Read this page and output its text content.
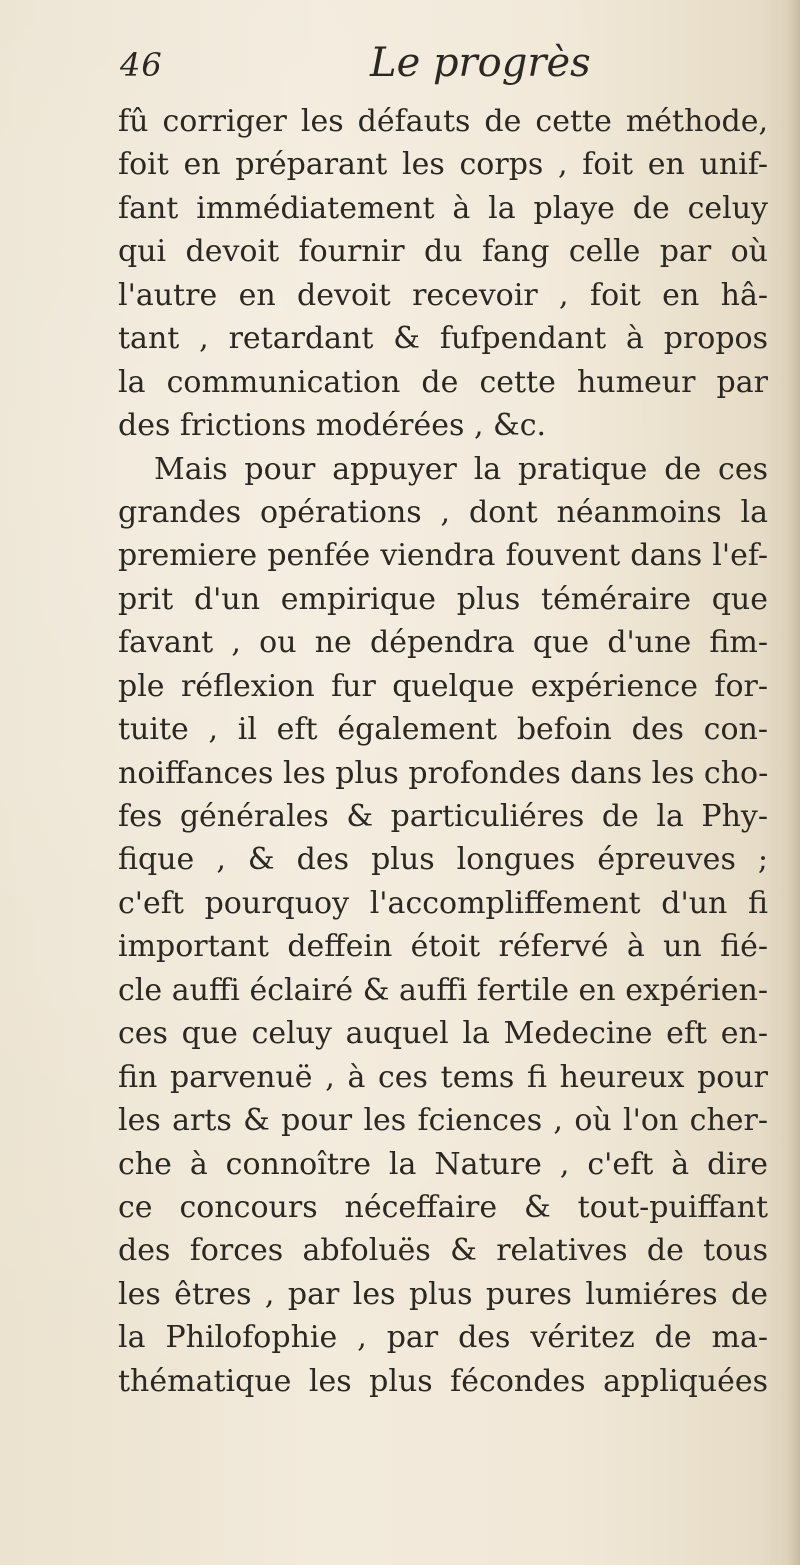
46	Le progrès
fû corriger les défauts de cette méthode,
foit en préparant les corps , foit en unif-
fant immédiatement à la playe de celuy
qui devoit fournir du fang celle par où
l'autre en devoit recevoir , foit en hâ-
tant , retardant & fufpendant à propos
la communication de cette humeur par
des frictions modérées , &c.
Mais pour appuyer la pratique de ces
grandes opérations , dont néanmoins la
premiere penfée viendra fouvent dans l'ef-
prit d'un empirique plus téméraire que
favant , ou ne dépendra que d'une fim-
ple réflexion fur quelque expérience for-
tuite , il eft également befoin des con-
noiffances les plus profondes dans les cho-
fes générales & particuliéres de la Phy-
fique , & des plus longues épreuves ;
c'eft pourquoy l'accompliffement d'un fi
important deffein étoit réfervé à un fié-
cle auffi éclairé & auffi fertile en expérien-
ces que celuy auquel la Medecine eft en-
fin parvenuë , à ces tems fi heureux pour
les arts & pour les fciences , où l'on cher-
che à connoître la Nature , c'eft à dire
ce concours néceffaire & tout-puiffant
des forces abfoluës & relatives de tous
les êtres , par les plus pures lumiéres de
la Philofophie , par des véritez de ma-
thématique les plus fécondes appliquées
